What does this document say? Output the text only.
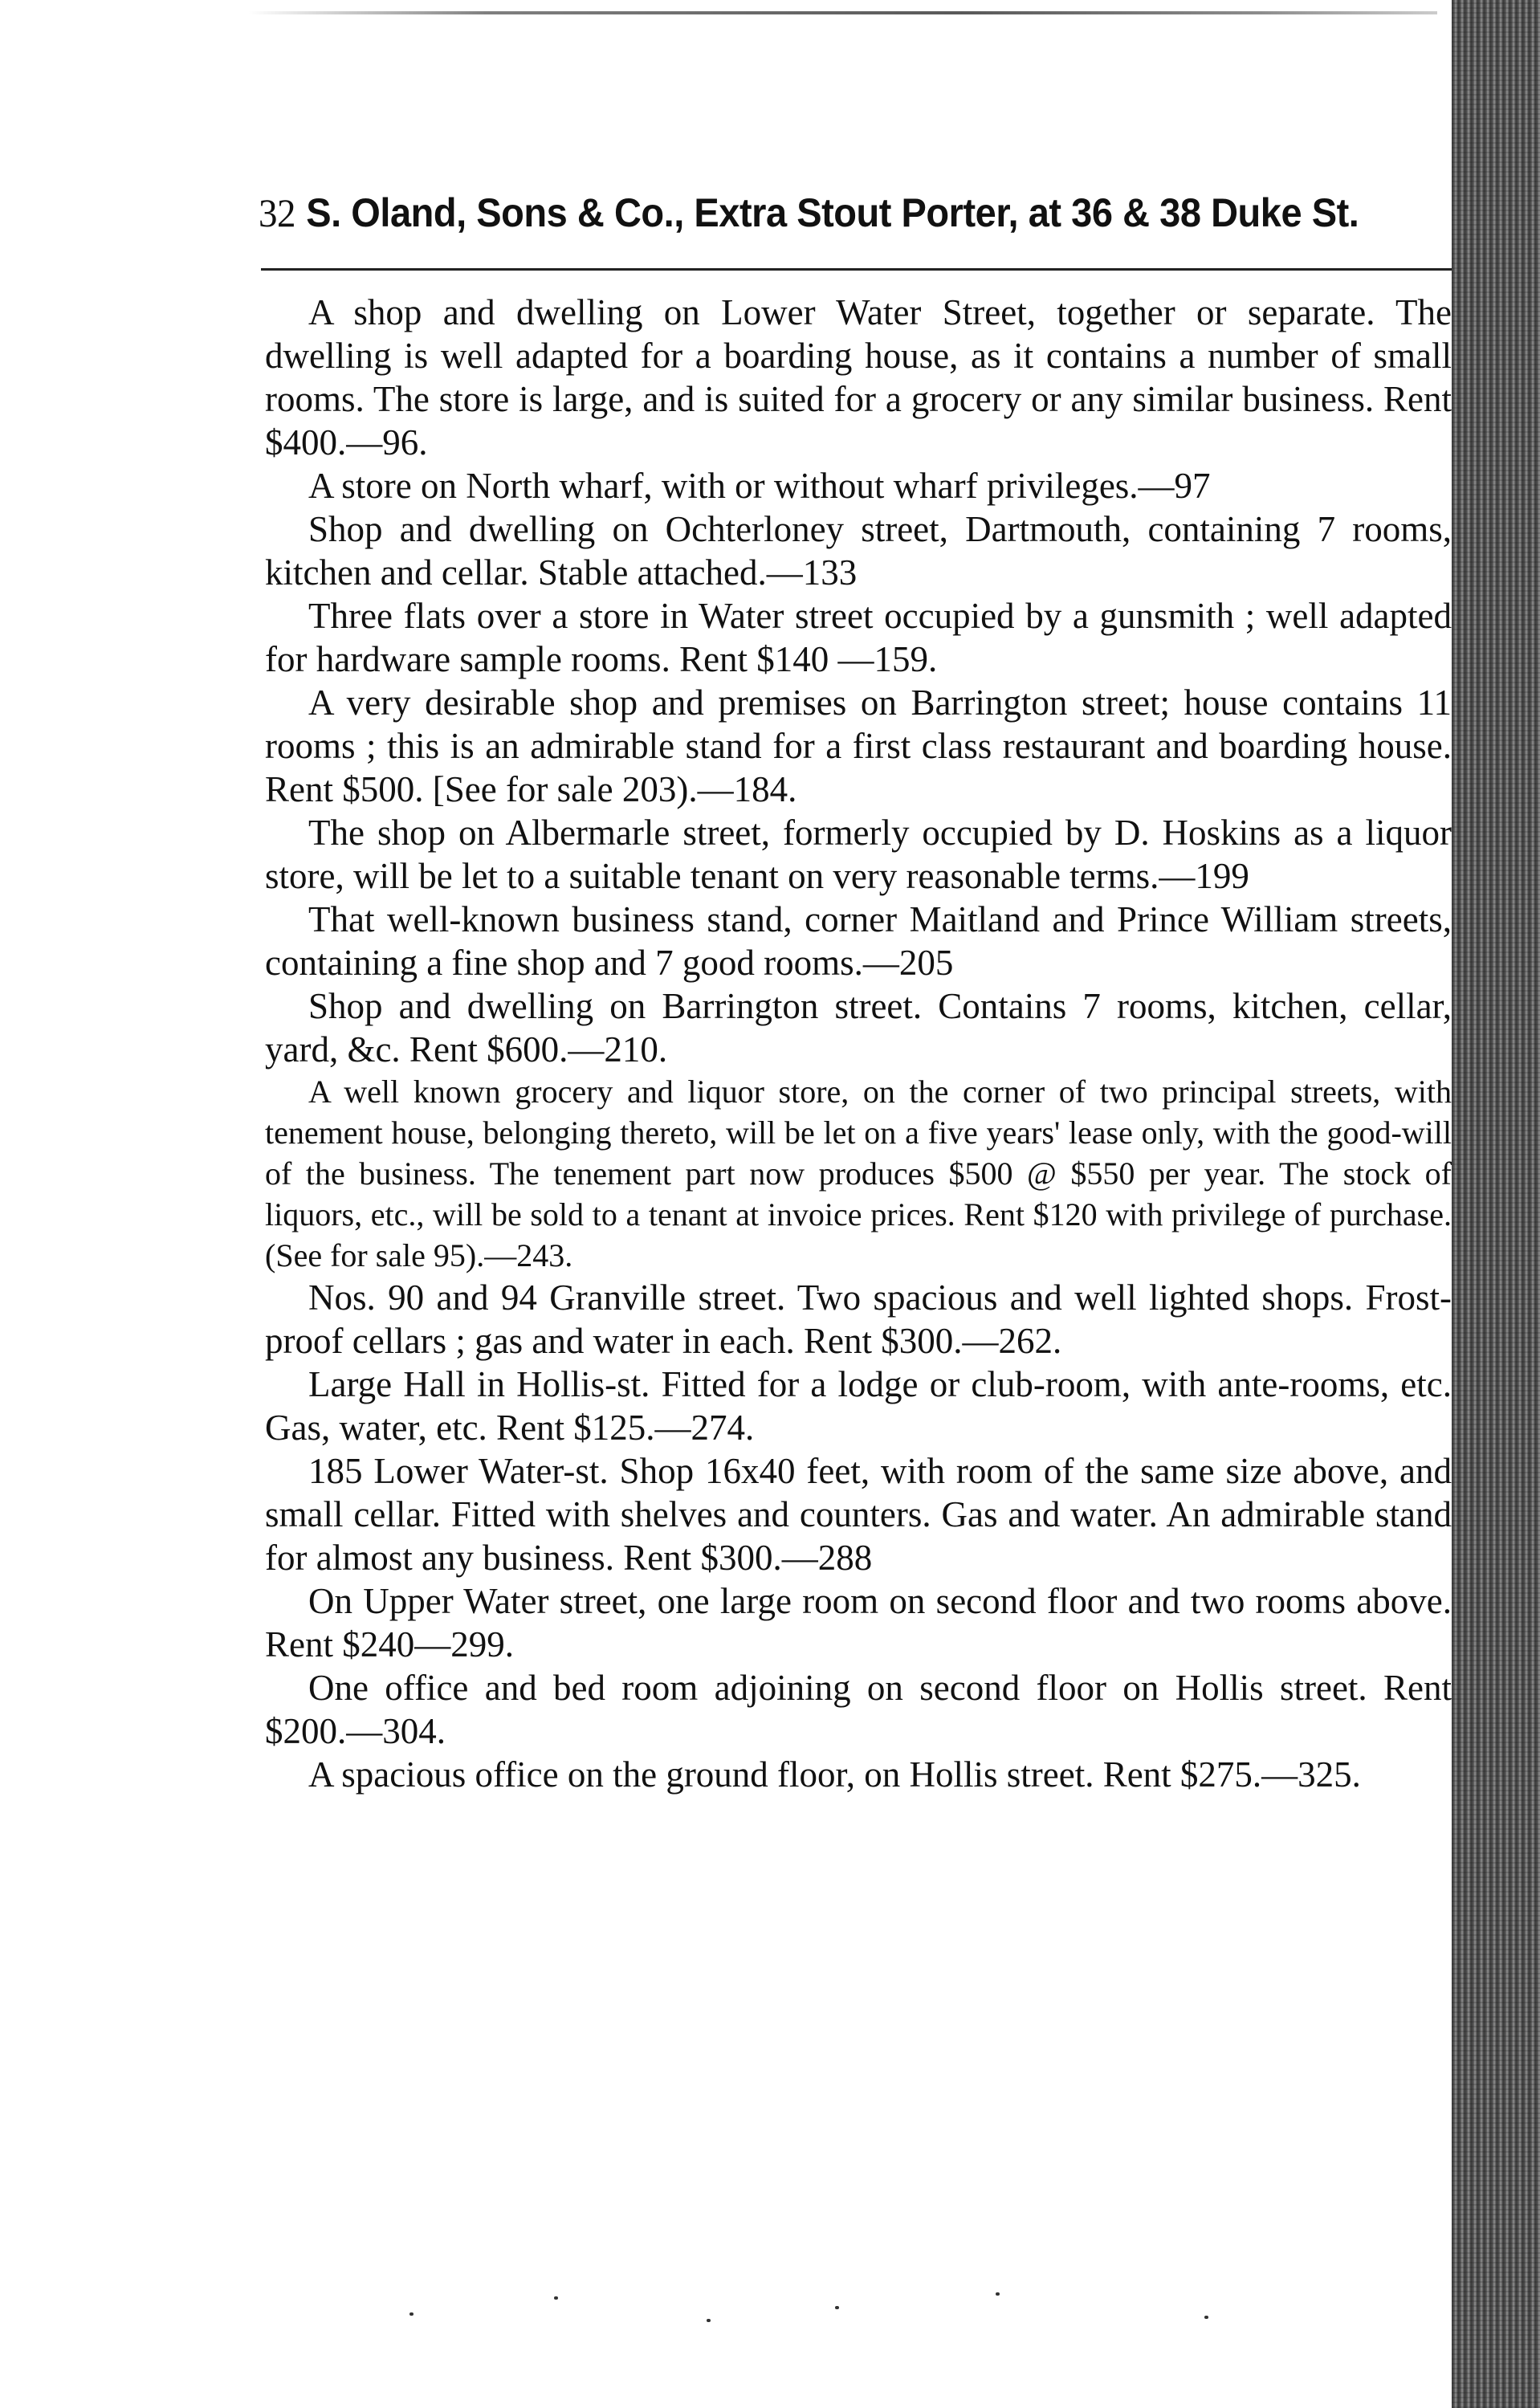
32 S. Oland, Sons & Co., Extra Stout Porter, at 36 & 38 Duke St.

A shop and dwelling on Lower Water Street, together or separate. The dwelling is well adapted for a boarding house, as it contains a number of small rooms. The store is large, and is suited for a grocery or any similar business. Rent $400.—96.

A store on North wharf, with or without wharf privileges.—97

Shop and dwelling on Ochterloney street, Dartmouth, containing 7 rooms, kitchen and cellar. Stable attached.—133

Three flats over a store in Water street occupied by a gunsmith ; well adapted for hardware sample rooms. Rent $140 —159.

A very desirable shop and premises on Barrington street; house contains 11 rooms ; this is an admirable stand for a first class restaurant and boarding house. Rent $500. [See for sale 203).—184.

The shop on Albermarle street, formerly occupied by D. Hoskins as a liquor store, will be let to a suitable tenant on very reasonable terms.—199

That well-known business stand, corner Maitland and Prince William streets, containing a fine shop and 7 good rooms.—205

Shop and dwelling on Barrington street. Contains 7 rooms, kitchen, cellar, yard, &c. Rent $600.—210.

A well known grocery and liquor store, on the corner of two principal streets, with tenement house, belonging thereto, will be let on a five years' lease only, with the good-will of the business. The tenement part now produces $500 @ $550 per year. The stock of liquors, etc., will be sold to a tenant at invoice prices. Rent $120 with privilege of purchase. (See for sale 95).—243.

Nos. 90 and 94 Granville street. Two spacious and well lighted shops. Frost-proof cellars ; gas and water in each. Rent $300.—262.

Large Hall in Hollis-st. Fitted for a lodge or club-room, with ante-rooms, etc. Gas, water, etc. Rent $125.—274.

185 Lower Water-st. Shop 16x40 feet, with room of the same size above, and small cellar. Fitted with shelves and counters. Gas and water. An admirable stand for almost any business. Rent $300.—288

On Upper Water street, one large room on second floor and two rooms above. Rent $240—299.

One office and bed room adjoining on second floor on Hollis street. Rent $200.—304.

A spacious office on the ground floor, on Hollis street. Rent $275.—325.
